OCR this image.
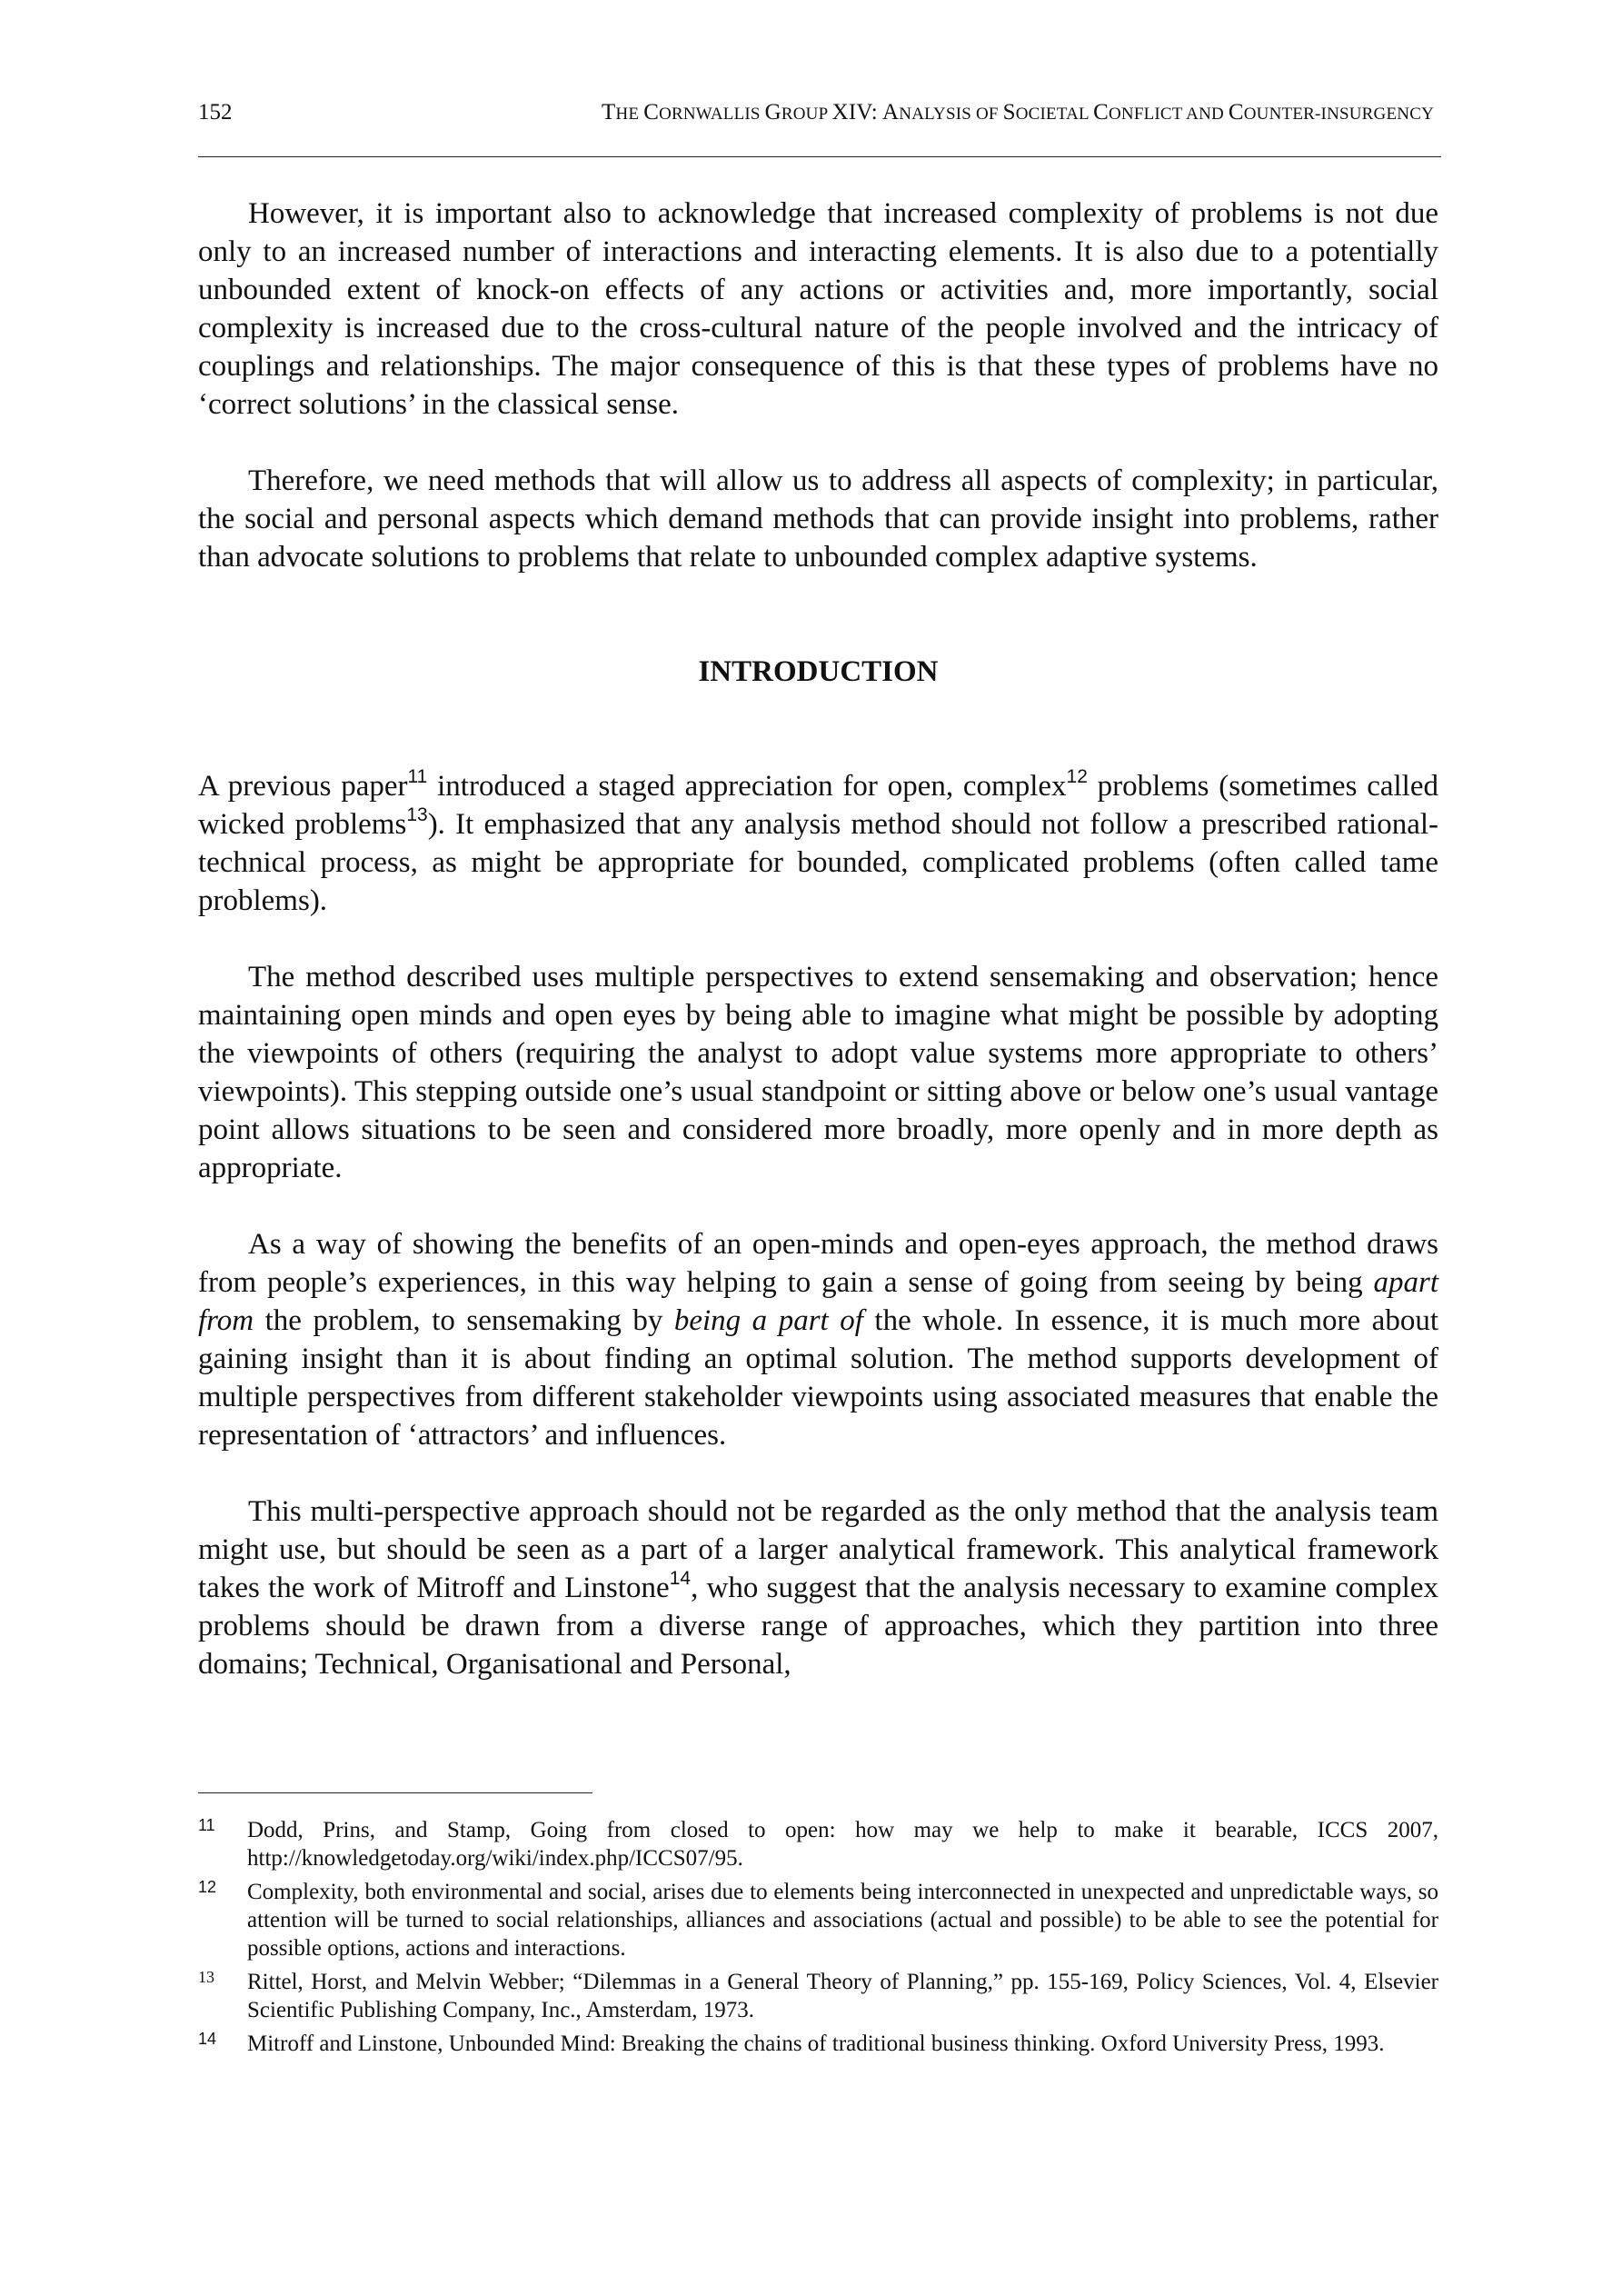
152	THE CORNWALLIS GROUP XIV: ANALYSIS OF SOCIETAL CONFLICT AND COUNTER-INSURGENCY

However, it is important also to acknowledge that increased complexity of problems is not due only to an increased number of interactions and interacting elements. It is also due to a potentially unbounded extent of knock-on effects of any actions or activities and, more importantly, social complexity is increased due to the cross-cultural nature of the people involved and the intricacy of couplings and relationships. The major consequence of this is that these types of problems have no ‘correct solutions’ in the classical sense.

Therefore, we need methods that will allow us to address all aspects of complexity; in particular, the social and personal aspects which demand methods that can provide insight into problems, rather than advocate solutions to problems that relate to unbounded complex adaptive systems.

INTRODUCTION

A previous paper$^{11}$ introduced a staged appreciation for open, complex$^{12}$ problems (sometimes called wicked problems$^{13}$). It emphasized that any analysis method should not follow a prescribed rational-technical process, as might be appropriate for bounded, complicated problems (often called tame problems).

The method described uses multiple perspectives to extend sensemaking and observation; hence maintaining open minds and open eyes by being able to imagine what might be possible by adopting the viewpoints of others (requiring the analyst to adopt value systems more appropriate to others’ viewpoints). This stepping outside one’s usual standpoint or sitting above or below one’s usual vantage point allows situations to be seen and considered more broadly, more openly and in more depth as appropriate.

As a way of showing the benefits of an open-minds and open-eyes approach, the method draws from people’s experiences, in this way helping to gain a sense of going from seeing by being apart from the problem, to sensemaking by being a part of the whole. In essence, it is much more about gaining insight than it is about finding an optimal solution. The method supports development of multiple perspectives from different stakeholder viewpoints using associated measures that enable the representation of ‘attractors’ and influences.

This multi-perspective approach should not be regarded as the only method that the analysis team might use, but should be seen as a part of a larger analytical framework. This analytical framework takes the work of Mitroff and Linstone$^{14}$, who suggest that the analysis necessary to examine complex problems should be drawn from a diverse range of approaches, which they partition into three domains; Technical, Organisational and Personal,

11 Dodd, Prins, and Stamp, Going from closed to open: how may we help to make it bearable, ICCS 2007, http://knowledgetoday.org/wiki/index.php/ICCS07/95.
12 Complexity, both environmental and social, arises due to elements being interconnected in unexpected and unpredictable ways, so attention will be turned to social relationships, alliances and associations (actual and possible) to be able to see the potential for possible options, actions and interactions.
13 Rittel, Horst, and Melvin Webber; “Dilemmas in a General Theory of Planning,” pp. 155-169, Policy Sciences, Vol. 4, Elsevier Scientific Publishing Company, Inc., Amsterdam, 1973.
14 Mitroff and Linstone, Unbounded Mind: Breaking the chains of traditional business thinking. Oxford University Press, 1993.
